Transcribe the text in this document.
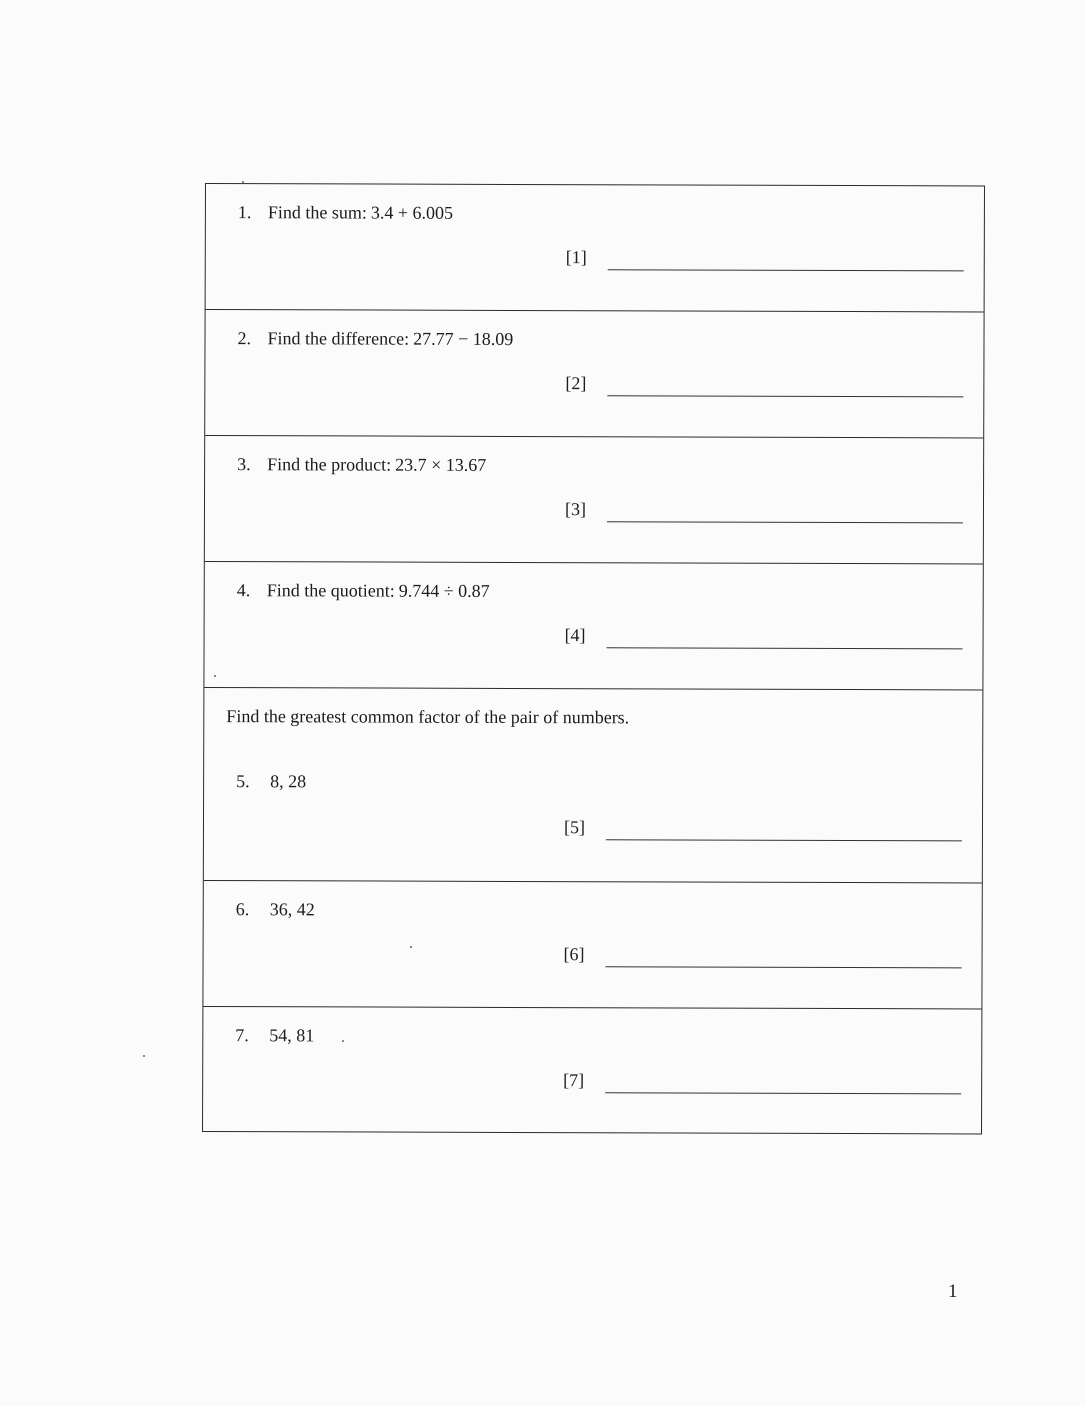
1. Find the sum: 3.4 + 6.005
[1]
2. Find the difference: 27.77 − 18.09
[2]
3. Find the product: 23.7 × 13.67
[3]
4. Find the quotient: 9.744 ÷ 0.87
[4]
Find the greatest common factor of the pair of numbers.
5. 8, 28
[5]
6. 36, 42
[6]
7. 54, 81
[7]
1
